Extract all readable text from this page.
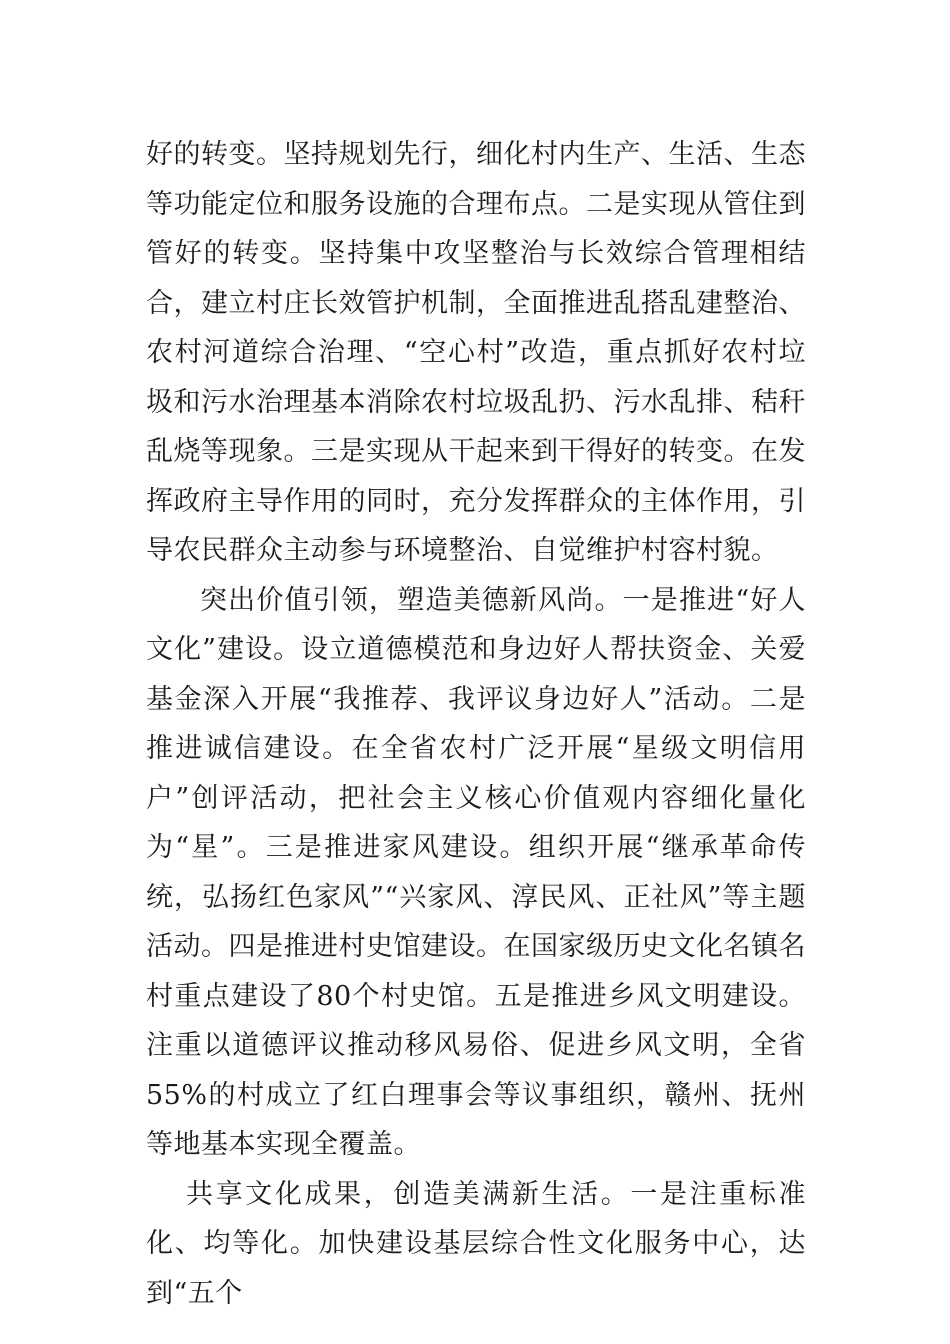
好的转变。坚持规划先行，细化村内生产、生活、生态等功能定位和服务设施的合理布点。二是实现从管住到管好的转变。坚持集中攻坚整治与长效综合管理相结合，建立村庄长效管护机制，全面推进乱搭乱建整治、农村河道综合治理、“空心村”改造，重点抓好农村垃圾和污水治理基本消除农村垃圾乱扔、污水乱排、秸秆乱烧等现象。三是实现从干起来到干得好的转变。在发挥政府主导作用的同时，充分发挥群众的主体作用，引导农民群众主动参与环境整治、自觉维护村容村貌。

突出价值引领，塑造美德新风尚。一是推进“好人文化”建设。设立道德模范和身边好人帮扶资金、关爱基金深入开展“我推荐、我评议身边好人”活动。二是推进诚信建设。在全省农村广泛开展“星级文明信用户”创评活动，把社会主义核心价值观内容细化量化为“星”。三是推进家风建设。组织开展“继承革命传统，弘扬红色家风”“兴家风、淳民风、正社风”等主题活动。四是推进村史馆建设。在国家级历史文化名镇名村重点建设了80个村史馆。五是推进乡风文明建设。注重以道德评议推动移风易俗、促进乡风文明，全省55%的村成立了红白理事会等议事组织，赣州、抚州等地基本实现全覆盖。

共享文化成果，创造美满新生活。一是注重标准化、均等化。加快建设基层综合性文化服务中心，达到“五个
